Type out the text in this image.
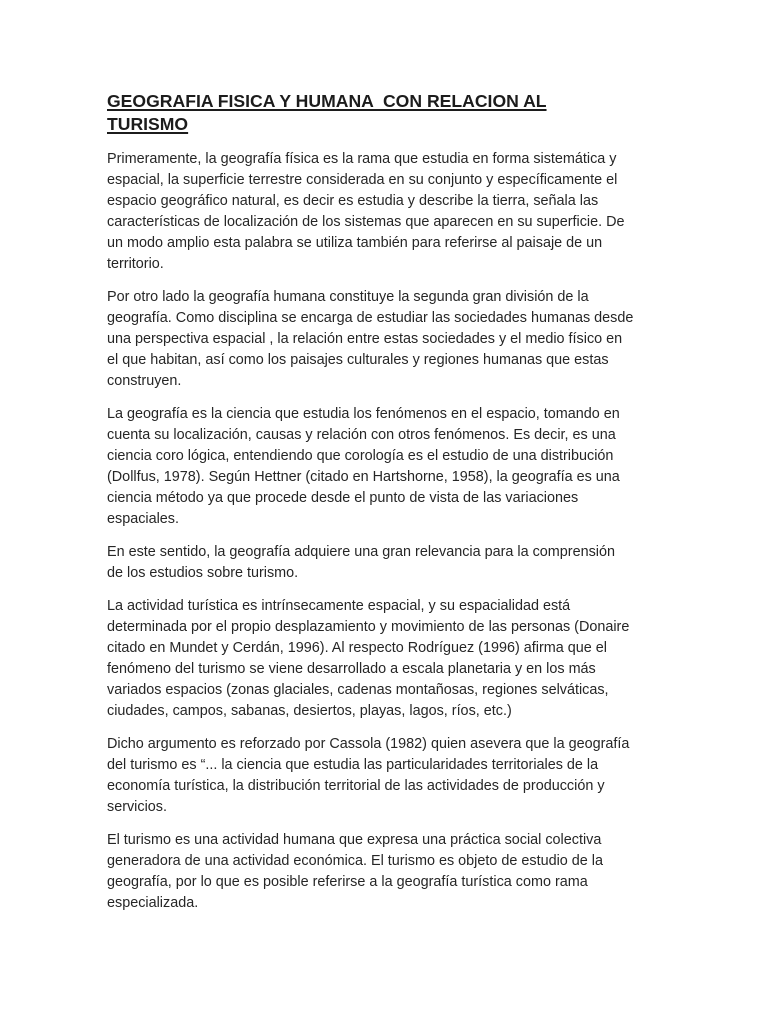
GEOGRAFIA FISICA Y HUMANA  CON RELACION AL
TURISMO

Primeramente, la geografía física es la rama que estudia en forma sistemática y
espacial, la superficie terrestre considerada en su conjunto y específicamente el
espacio geográfico natural, es decir es estudia y describe la tierra, señala las
características de localización de los sistemas que aparecen en su superficie. De
un modo amplio esta palabra se utiliza también para referirse al paisaje de un
territorio.

Por otro lado la geografía humana constituye la segunda gran división de la
geografía. Como disciplina se encarga de estudiar las sociedades humanas desde
una perspectiva espacial , la relación entre estas sociedades y el medio físico en
el que habitan, así como los paisajes culturales y regiones humanas que estas
construyen.

La geografía es la ciencia que estudia los fenómenos en el espacio, tomando en
cuenta su localización, causas y relación con otros fenómenos. Es decir, es una
ciencia coro lógica, entendiendo que corología es el estudio de una distribución
(Dollfus, 1978). Según Hettner (citado en Hartshorne, 1958), la geografía es una
ciencia método ya que procede desde el punto de vista de las variaciones
espaciales.

En este sentido, la geografía adquiere una gran relevancia para la comprensión
de los estudios sobre turismo.

La actividad turística es intrínsecamente espacial, y su espacialidad está
determinada por el propio desplazamiento y movimiento de las personas (Donaire
citado en Mundet y Cerdán, 1996). Al respecto Rodríguez (1996) afirma que el
fenómeno del turismo se viene desarrollado a escala planetaria y en los más
variados espacios (zonas glaciales, cadenas montañosas, regiones selváticas,
ciudades, campos, sabanas, desiertos, playas, lagos, ríos, etc.)

Dicho argumento es reforzado por Cassola (1982) quien asevera que la geografía
del turismo es “... la ciencia que estudia las particularidades territoriales de la
economía turística, la distribución territorial de las actividades de producción y
servicios.

El turismo es una actividad humana que expresa una práctica social colectiva
generadora de una actividad económica. El turismo es objeto de estudio de la
geografía, por lo que es posible referirse a la geografía turística como rama
especializada.
